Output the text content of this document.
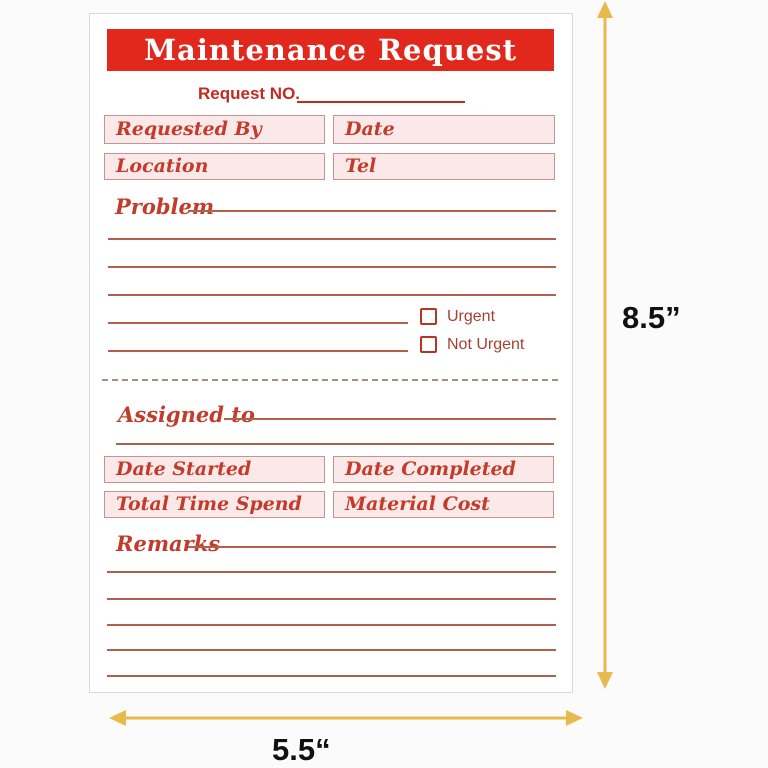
Maintenance Request Form
Request NO.
Requested By	Date
Location	Tel
Problem
Urgent
Not Urgent
Assigned to
Date Started	Date Completed
Total Time Spend	Material Cost
Remarks
8.5”
5.5“
